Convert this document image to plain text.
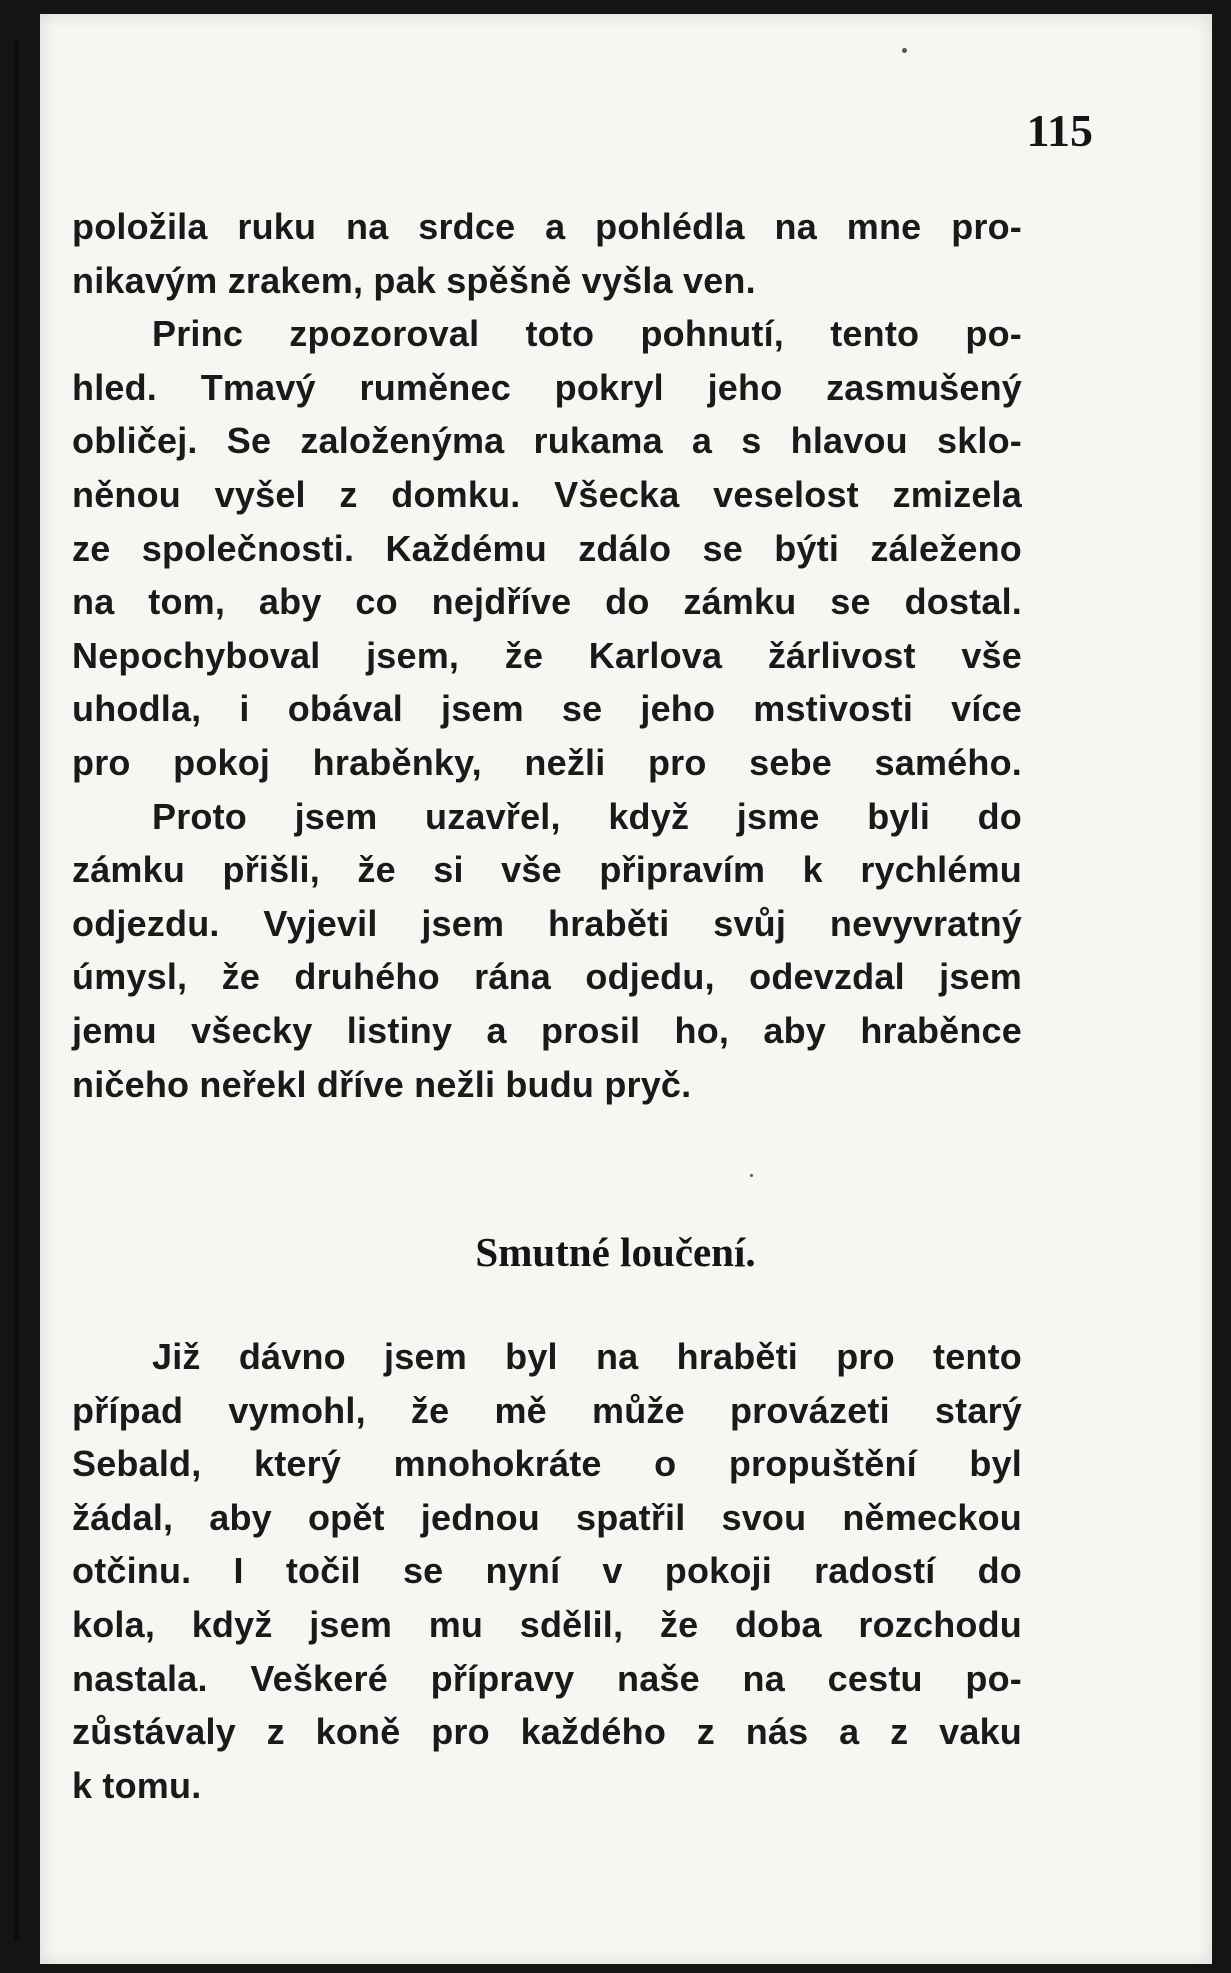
115

položila ruku na srdce a pohlédla na mne pro-
nikavým zrakem, pak spěšně vyšla ven.
Princ zpozoroval toto pohnutí, tento po-
hled. Tmavý ruměnec pokryl jeho zasmušený
obličej. Se založenýma rukama a s hlavou sklo-
něnou vyšel z domku. Všecka veselost zmizela
ze společnosti. Každému zdálo se býti záleženo
na tom, aby co nejdříve do zámku se dostal.
Nepochyboval jsem, že Karlova žárlivost vše
uhodla, i obával jsem se jeho mstivosti více
pro pokoj hraběnky, nežli pro sebe samého.
Proto jsem uzavřel, když jsme byli do
zámku přišli, že si vše připravím k rychlému
odjezdu. Vyjevil jsem hraběti svůj nevyvratný
úmysl, že druhého rána odjedu, odevzdal jsem
jemu všecky listiny a prosil ho, aby hraběnce
ničeho neřekl dříve nežli budu pryč.
Smutné loučení.
Již dávno jsem byl na hraběti pro tento
případ vymohl, že mě může provázeti starý
Sebald, který mnohokráte o propuštění byl
žádal, aby opět jednou spatřil svou německou
otčinu. I točil se nyní v pokoji radostí do
kola, když jsem mu sdělil, že doba rozchodu
nastala. Veškeré přípravy naše na cestu po-
zůstávaly z koně pro každého z nás a z vaku
k tomu.
